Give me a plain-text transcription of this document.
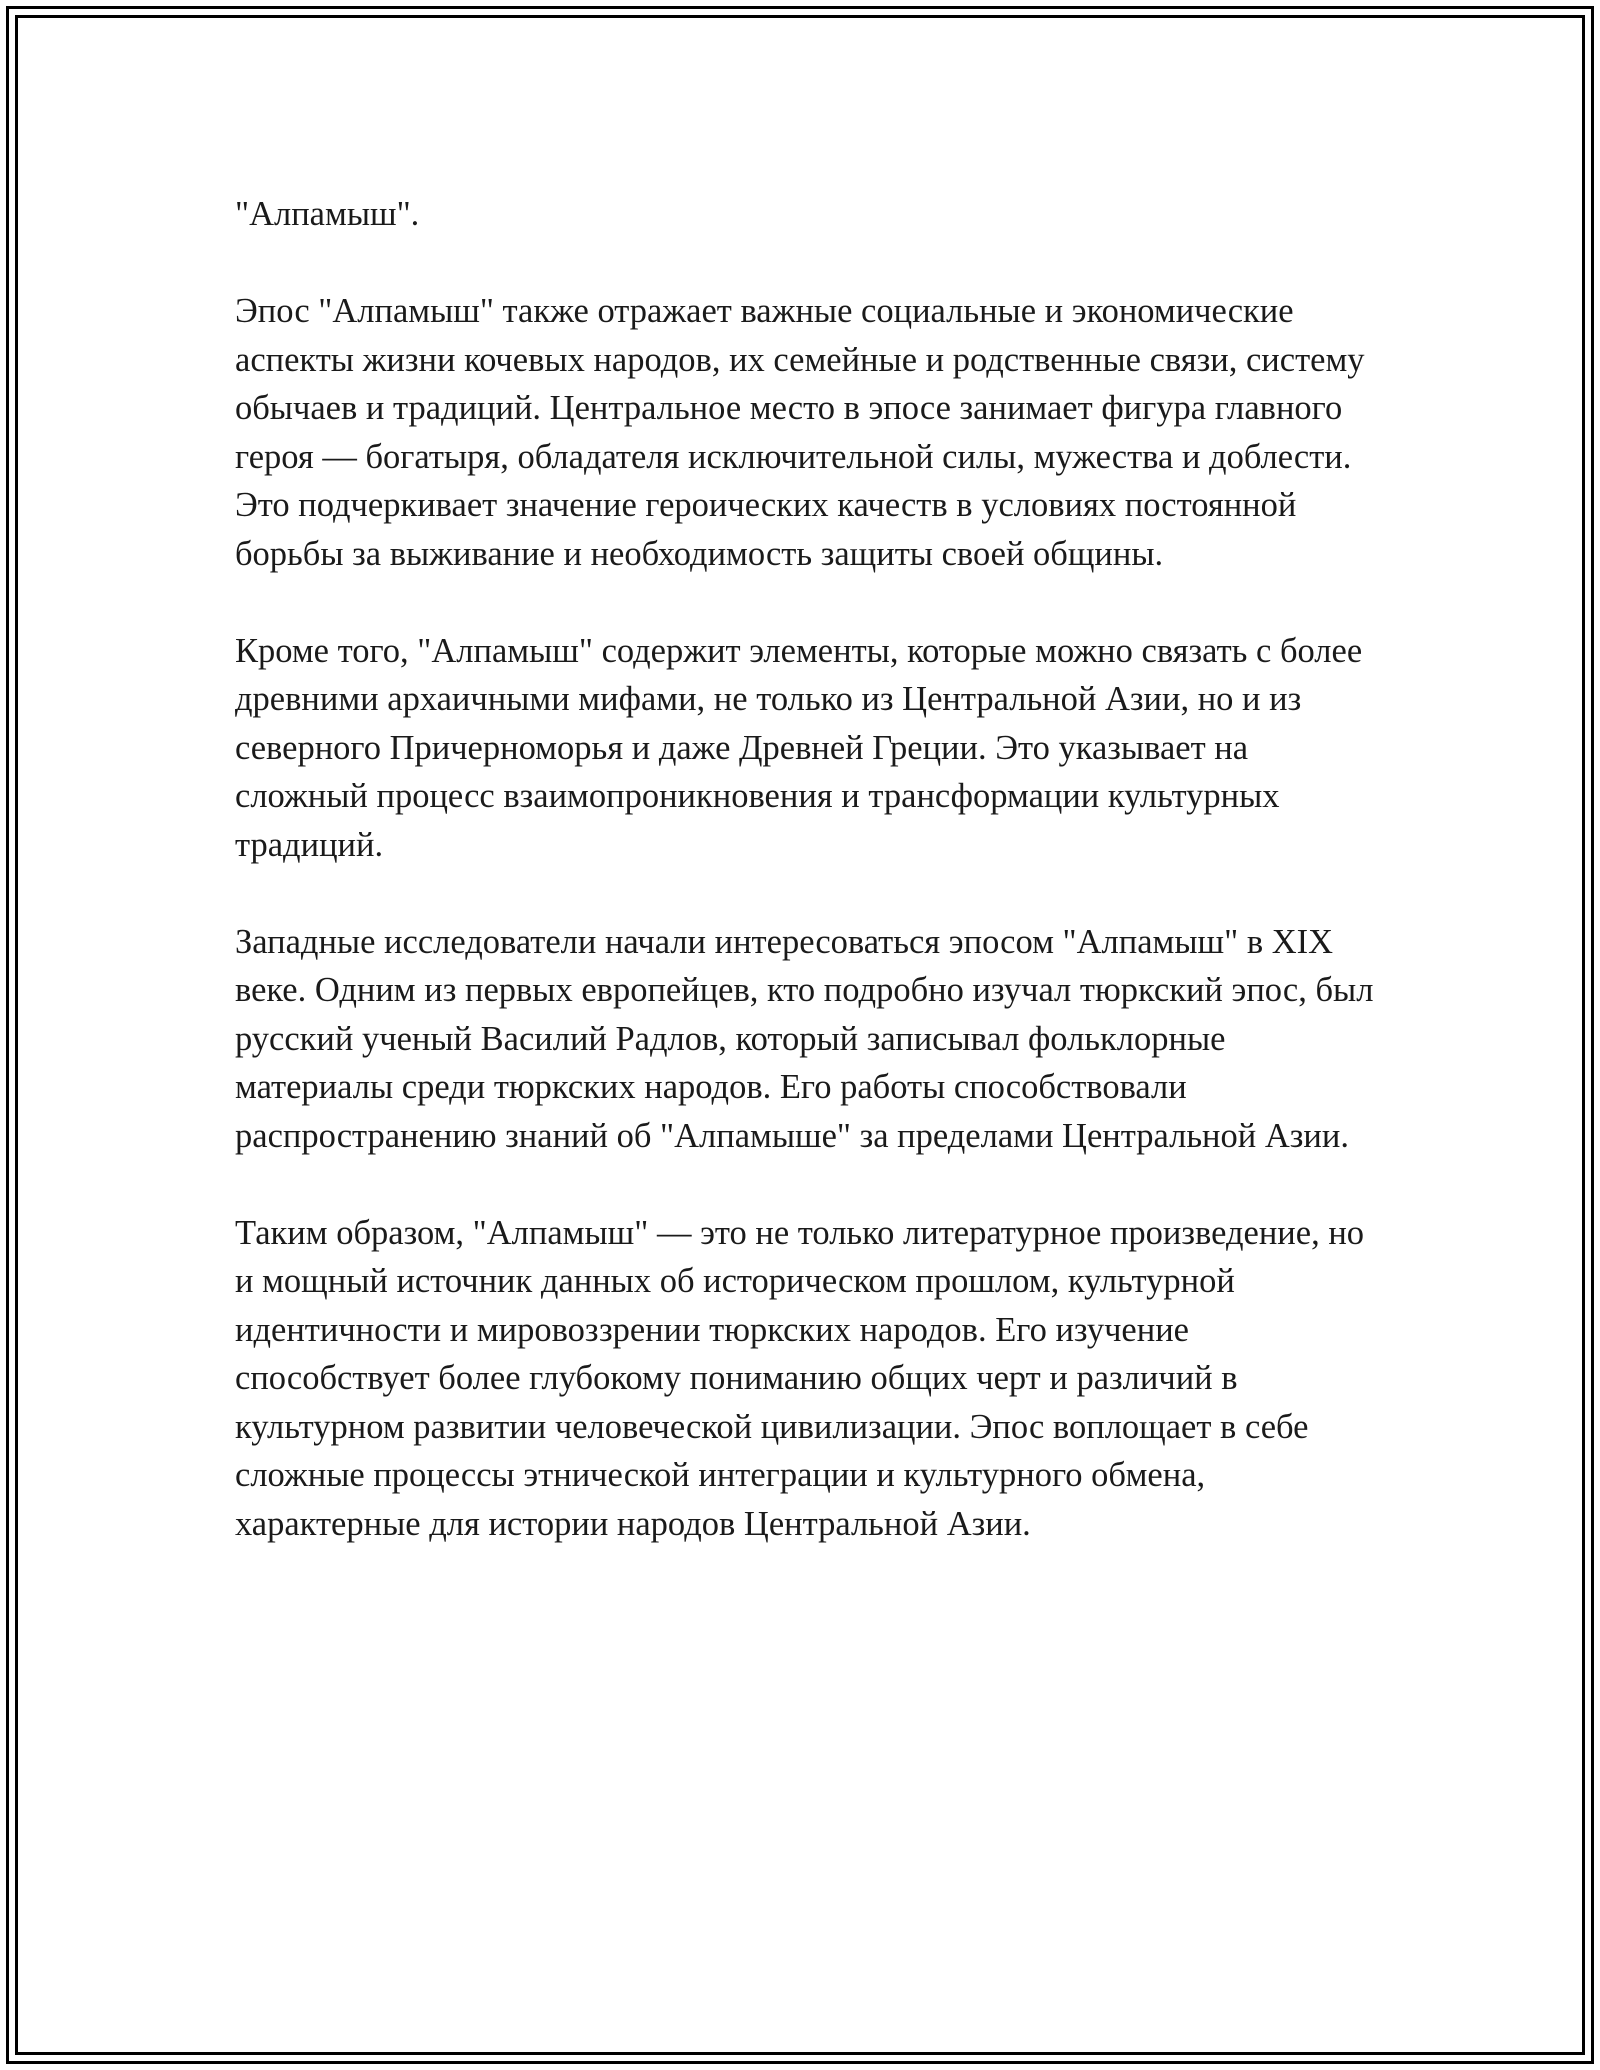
"Алпамыш".

Эпос "Алпамыш" также отражает важные социальные и экономические аспекты жизни кочевых народов, их семейные и родственные связи, систему обычаев и традиций. Центральное место в эпосе занимает фигура главного героя — богатыря, обладателя исключительной силы, мужества и доблести. Это подчеркивает значение героических качеств в условиях постоянной борьбы за выживание и необходимость защиты своей общины.

Кроме того, "Алпамыш" содержит элементы, которые можно связать с более древними архаичными мифами, не только из Центральной Азии, но и из северного Причерноморья и даже Древней Греции. Это указывает на сложный процесс взаимопроникновения и трансформации культурных традиций.

Западные исследователи начали интересоваться эпосом "Алпамыш" в XIX веке. Одним из первых европейцев, кто подробно изучал тюркский эпос, был русский ученый Василий Радлов, который записывал фольклорные материалы среди тюркских народов. Его работы способствовали распространению знаний об "Алпамыше" за пределами Центральной Азии.

Таким образом, "Алпамыш" — это не только литературное произведение, но и мощный источник данных об историческом прошлом, культурной идентичности и мировоззрении тюркских народов. Его изучение способствует более глубокому пониманию общих черт и различий в культурном развитии человеческой цивилизации. Эпос воплощает в себе сложные процессы этнической интеграции и культурного обмена, характерные для истории народов Центральной Азии.
